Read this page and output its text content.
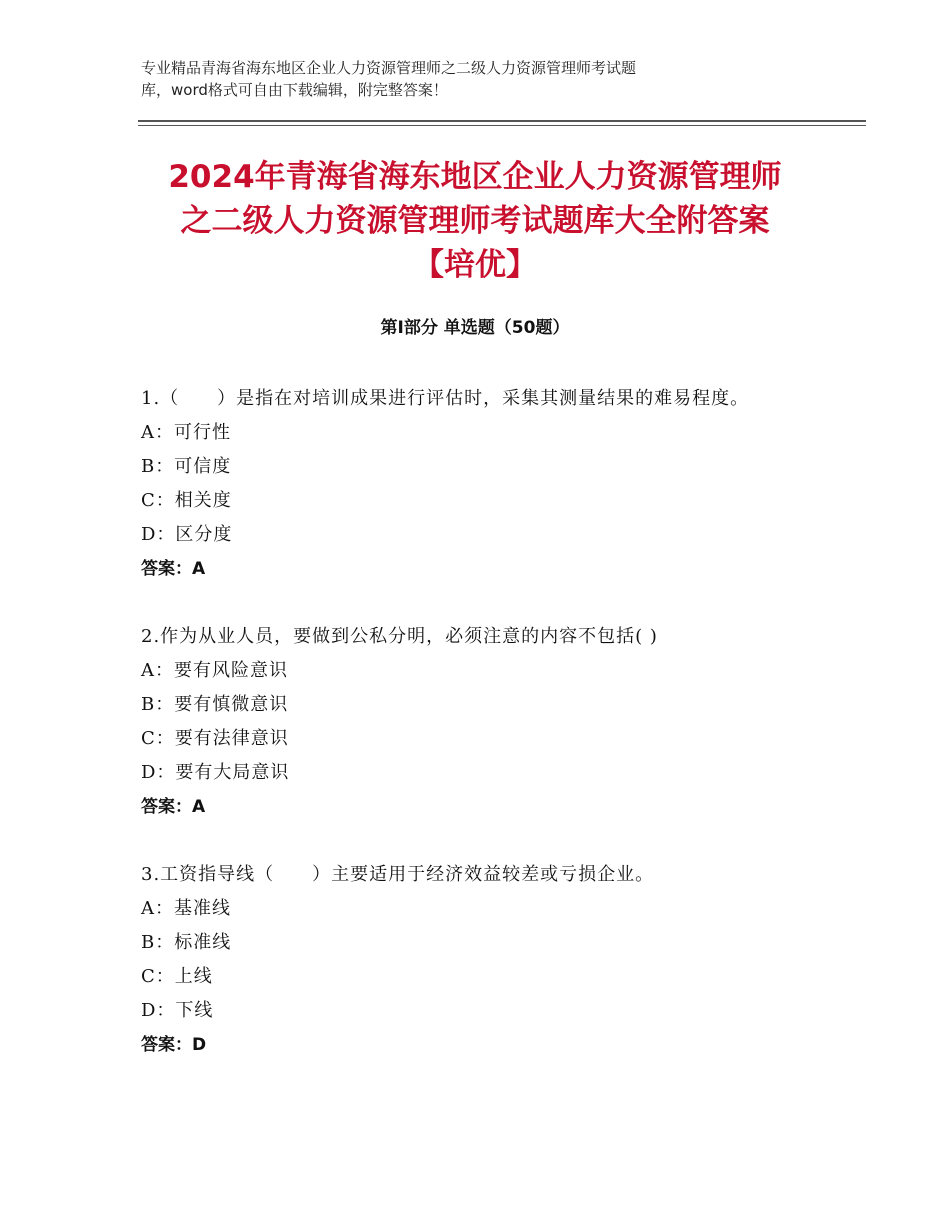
专业精品青海省海东地区企业人力资源管理师之二级人力资源管理师考试题
库，word格式可自由下载编辑，附完整答案！
2024年青海省海东地区企业人力资源管理师
之二级人力资源管理师考试题库大全附答案
【培优】
第Ⅰ部分 单选题（50题）
1.（　　）是指在对培训成果进行评估时，采集其测量结果的难易程度。
A：可行性
B：可信度
C：相关度
D：区分度
答案：A
2.作为从业人员，要做到公私分明，必须注意的内容不包括( )
A：要有风险意识
B：要有慎微意识
C：要有法律意识
D：要有大局意识
答案：A
3.工资指导线（　　）主要适用于经济效益较差或亏损企业。
A：基准线
B：标准线
C：上线
D：下线
答案：D
